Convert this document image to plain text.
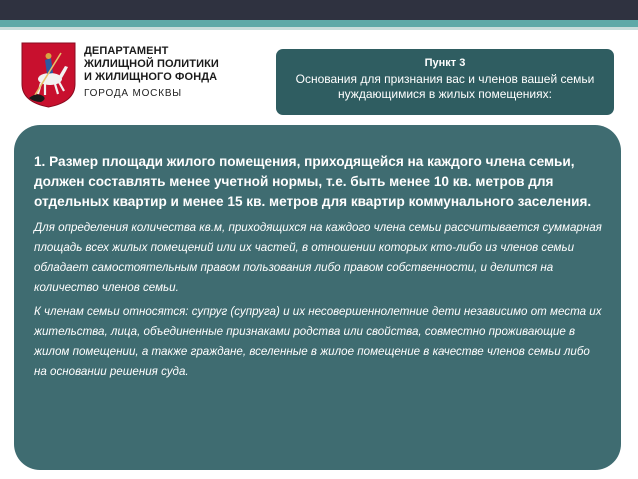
ДЕПАРТАМЕНТ
ЖИЛИЩНОЙ ПОЛИТИКИ
И ЖИЛИЩНОГО ФОНДА
ГОРОДА МОСКВЫ
Пункт 3
Основания для признания вас и членов вашей семьи нуждающимися в жилых помещениях:

1. Размер площади жилого помещения, приходящейся на каждого члена семьи, должен составлять менее учетной нормы, т.е. быть менее 10 кв. метров для отдельных квартир и менее 15 кв. метров для квартир коммунального заселения.

Для определения количества кв.м, приходящихся на каждого члена семьи рассчитывается суммарная площадь всех жилых помещений или их частей, в отношении которых кто-либо из членов семьи обладает самостоятельным правом пользования либо правом собственности, и делится на количество членов семьи.

К членам семьи относятся: супруг (супруга) и их несовершеннолетние дети независимо от места их жительства, лица, объединенные признаками родства или свойства, совместно проживающие в жилом помещении, а также граждане, вселенные в жилое помещение в качестве членов семьи либо на основании решения суда.
